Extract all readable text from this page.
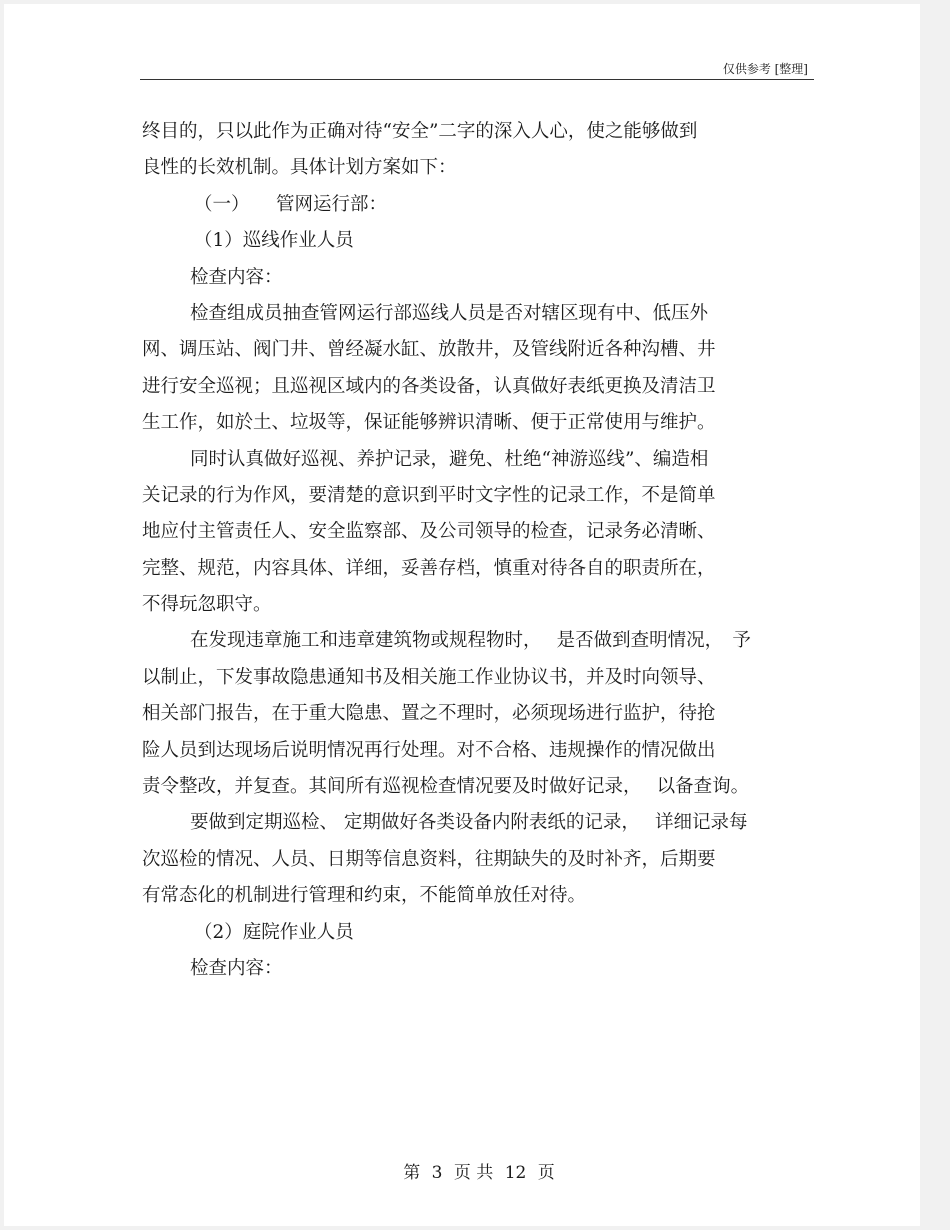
仅供参考 [整理]

终目的，只以此作为正确对待“安全”二字的深入人心，使之能够做到

良性的长效机制。具体计划方案如下：

（一） 管网运行部：

（1）巡线作业人员

检查内容：

检查组成员抽查管网运行部巡线人员是否对辖区现有中、低压外

网、调压站、阀门井、曾经凝水缸、放散井，及管线附近各种沟槽、井

进行安全巡视；且巡视区域内的各类设备，认真做好表纸更换及清洁卫

生工作，如於土、垃圾等，保证能够辨识清晰、便于正常使用与维护。

同时认真做好巡视、养护记录，避免、杜绝“神游巡线”、编造相

关记录的行为作风，要清楚的意识到平时文字性的记录工作，不是简单

地应付主管责任人、安全监察部、及公司领导的检查，记录务必清晰、

完整、规范，内容具体、详细，妥善存档，慎重对待各自的职责所在，

不得玩忽职守。

在发现违章施工和违章建筑物或规程物时，　 是否做到查明情况，　予

以制止，下发事故隐患通知书及相关施工作业协议书，并及时向领导、

相关部门报告，在于重大隐患、置之不理时，必须现场进行监护，待抢

险人员到达现场后说明情况再行处理。对不合格、违规操作的情况做出

责令整改，并复查。其间所有巡视检查情况要及时做好记录，　 以备查询。

要做到定期巡检、 定期做好各类设备内附表纸的记录，　 详细记录每

次巡检的情况、人员、日期等信息资料，往期缺失的及时补齐，后期要

有常态化的机制进行管理和约束，不能简单放任对待。

（2）庭院作业人员

检查内容：

第 3 页 共 12 页
